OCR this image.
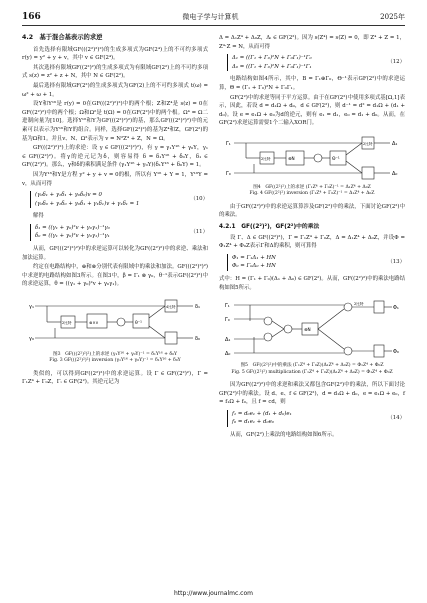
166	微电子学与计算机	2025年
4.2　基于混合基表示的求逆

首先选择有限域GF(((2²)²)²)的生成多项式为GF(2⁴)上的不可约多项式 r(y) = y² + y + v，其中 v ∈ GF(2⁴)。

其次选择有限域GF((2²)²)的生成多项式为有限域GF(2²)上的不可约多项式 s(z) = z² + z + N，其中 N ∈ GF(2²)。

最后选择有限域GF(2²)的生成多项式为GF(2)上的不可约多项式 t(ω) = ω² + ω + 1。

设Y和Y¹⁶是 r(y) = 0在GF(((2²)²)²)中的两个根；Z和Z⁴是 s(z) = 0在GF((2²)²)中的两个根；Ω和Ω²是 t(Ω) = 0在GF(2²)中的两个根。Ω⁴ = Ω二进制向量为[10]。选择Y¹⁶和Y为GF(((2²)²)²)的基，那么GF(((2²)²)²)中的元素可以表示为Y¹⁶和Y的组合。同样，选择GF((2²)²)的基为Z⁴和Z，GF(2²)的基为Ω和1。并且v、N、Ω²表示为 v = N²Z⁴ + Z，N = Ω。

GF(((2²)²)²)上的求逆：设 γ ∈ GF(((2²)²)²)，有 γ = γ₁Y¹⁶ + γ₀Y，γ₁ ∈ GF((2²)²)。将γ的逆元记为δ，则容易得 δ = δ₁Y¹⁶ + δ₀Y，δ₁ ∈ GF((2²)²)。那么，γ和δ的乘积满足条件 (γ₁Y¹⁶ + γ₀Y)(δ₁Y¹⁶ + δ₀Y) = 1。

因为Y¹⁶和Y是方程 y² + y + v = 0的根，所以有 Y¹⁶ + Y = 1，Y¹⁶Y = v，从而可得

(γ₀δ₁ + γ₁δ₁ + γ₀δ₀)v = 0
(γ₀δ₀ + γ₁δ₀ + γ₀δ₁ + γ₁δ₁)v + γ₁δ₁ = 1
（10）

解得

δ₁ = ((γ₁ + γ₀)²v + γ₀γ₁)⁻¹γ₀
δ₀ = ((γ₁ + γ₀)²v + γ₀γ₁)⁻¹γ₁
（11）

从而，GF(((2²)²)²)中的求逆运算可以转化为GF((2²)²)中的求逆、乘法和加法运算。

约定在电路结构中，⊕和⊗分别代表有限域中的乘法和加法。GF(((2²)²)²)中求逆的电路结构如图3所示。在图3中，β = Γ₁ ⊗ γ₀，θ⁻¹表示GF((2²)²)中的求逆运算，θ = ((γ₁ + γ₀)²v + γ₀γ₁)。

γ₁
γ₀
2比特	⊗×v	θ⁻¹
4比特	δ₁
δ₀
图3　GF(((2²)²)²)上的求逆 (γ₁Y¹⁶ + γ₀Y)⁻¹ = δ₁Y¹⁶ + δ₀Y
Fig. 3 GF(((2²)²)²) inversion (γ₁Y¹⁶ + γ₀Y)⁻¹ = δ₁Y¹⁶ + δ₀Y

类似的，可以得到GF((2²)²)中的求逆运算。设 Γ ∈ GF((2²)²)，Γ = Γ₁Z⁴ + Γ₀Z，Γᵢ ∈ GF(2²)。其逆元记为

Δ = Δ₁Z⁴ + Δ₀Z，Δᵢ ∈ GF(2²)。因为 s(Z⁴) = s(Z) = 0，即 Z⁴ + Z = 1，Z⁴·Z = N，从而可得

Δ₁ = ((Γ₁ + Γ₀)²N + Γ₀Γ₁)⁻¹Γ₀
Δ₀ = ((Γ₁ + Γ₀)²N + Γ₀Γ₁)⁻¹Γ₁
（12）

电路结构如图4所示，其中，B = Γ₁⊕Γ₀，Θ⁻¹表示GF(2²)中的求逆运算，Θ = (Γ₁ + Γ₀)²N + Γ₀Γ₁。

GF(2²)中的求逆等同于平方运算。由于在GF(2²)中使用多项式基[Ω,1]表示，因此，若设 d = d₁Ω + d₀，d ∈ GF(2²)，则 d⁻¹ = d² = d₁Ω + (d₁ + d₀)。设 e = e₁Ω + e₀为d的逆元，则有 e₁ = d₁，e₀ = d₁ + d₀。从而，在GF(2²)求逆运算需要1个二输入XOR门。

Γ₁
Γ₀
2比特	⊗N	Θ⁻¹
2比特	Δ₁
Δ₀
图4　GF((2²)²)上的求逆 (Γ₁Z⁴ + Γ₀Z)⁻¹ = Δ₁Z⁴ + Δ₀Z
Fig. 4 GF((2²)²) inversion (Γ₁Z⁴ + Γ₀Z)⁻¹ = Δ₁Z⁴ + Δ₀Z

由于GF((2²)²)中的求逆运算算涉及GF(2²)中的乘法，下面讨论GF(2²)中的乘法。

4.2.1　GF((2²)²)，GF(2²)中的乘法

设 Γ、Δ ∈ GF((2²)²)，Γ = Γ₁Z⁴ + Γ₀Z，Δ = Δ₁Z⁴ + Δ₀Z，并设Φ = Φ₁Z⁴ + Φ₀Z表示Γ和Δ的乘积，则可算得

Φ₁ = Γ₁Δ₁ + HN
Φ₀ = Γ₀Δ₀ + HN
（13）

式中：H = (Γ₁ + Γ₀)(Δ₁ + Δ₀) ∈ GF(2²)。从而，GF((2²)²)中的乘法电路结构如图5所示。

Γ₁
Γ₀
Δ₁
Δ₀
⊗N
2比特
Φ₁
Φ₀
图5　GF((2²)²)中的乘法 (Γ₁Z⁴ + Γ₀Z)(Δ₁Z⁴ + Δ₀Z) = Φ₁Z⁴ + Φ₀Z
Fig. 5 GF((2²)²) multiplication (Γ₁Z⁴ + Γ₀Z)(Δ₁Z⁴ + Δ₀Z) = Φ₁Z⁴ + Φ₀Z

因为GF((2²)²)中的求逆和乘法又都包含GF(2²)中的乘法，所以下面讨论GF(2²)中的乘法。设 d、e、f ∈ GF(2²)，d = d₁Ω + d₀，e = e₁Ω + e₀，f = f₁Ω + f₀，且 f = cd，则

f₁ = d₀e₁ + (d₁ + d₀)e₁
f₀ = d₁e₁ + d₀e₀
（14）

从而，GF(2²)上乘法的电路结构如图6所示。

http://www.journalmc.com
